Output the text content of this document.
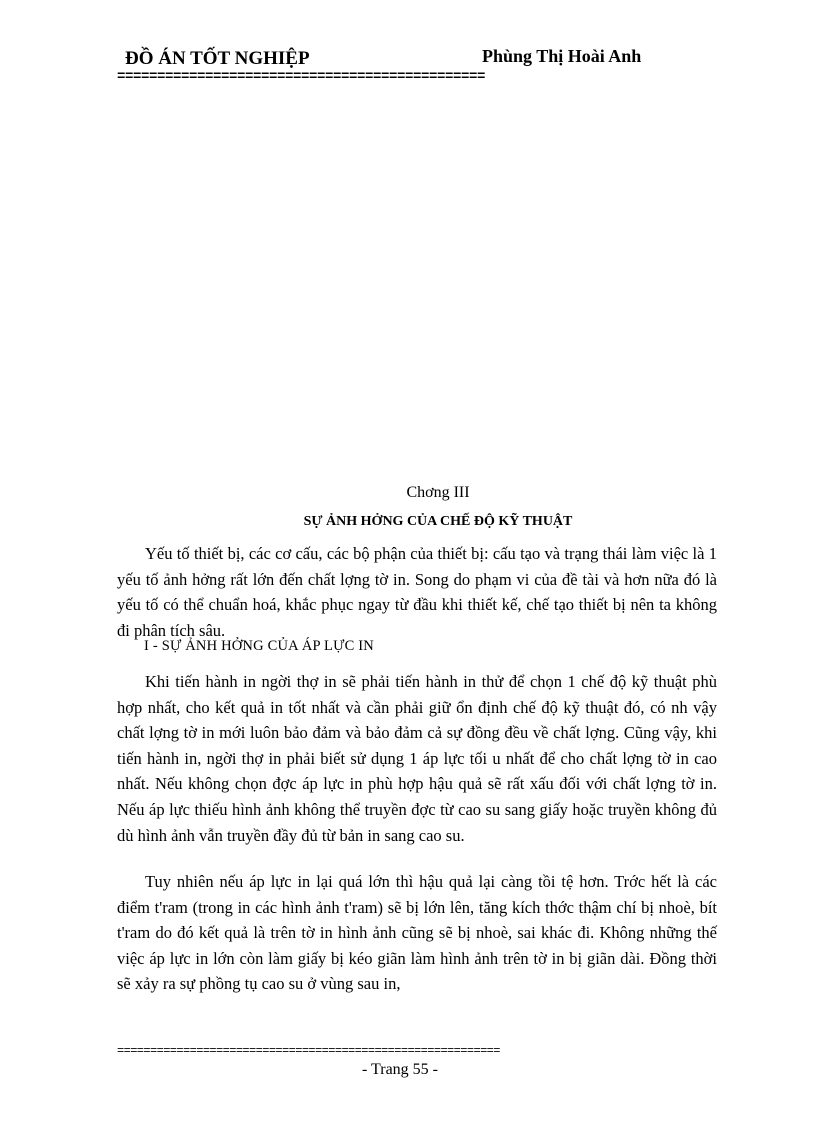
ĐỒ ÁN TỐT NGHIỆP	Phùng Thị Hoài Anh
==============================================
Chơng III
SỰ ẢNH HỞNG CỦA CHẾ ĐỘ KỸ THUẬT

Yếu tố thiết bị, các cơ cấu, các bộ phận của thiết bị: cấu tạo và trạng thái làm việc là 1 yếu tố ảnh hởng rất lớn đến chất lợng tờ in. Song do phạm vi của đề tài và hơn nữa đó là yếu tố có thể chuẩn hoá, khắc phục ngay từ đầu khi thiết kế, chế tạo thiết bị nên ta không đi phân tích sâu.

I - SỰ ẢNH HỞNG CỦA ÁP LỰC IN

Khi tiến hành in ngời thợ in sẽ phải tiến hành in thử để chọn 1 chế độ kỹ thuật phù hợp nhất, cho kết quả in tốt nhất và cần phải giữ ổn định chế độ kỹ thuật đó, có nh vậy chất lợng tờ in mới luôn bảo đảm và bảo đảm cả sự đồng đều về chất lợng. Cũng vậy, khi tiến hành in, ngời thợ in phải biết sử dụng 1 áp lực tối u nhất để cho chất lợng tờ in cao nhất. Nếu không chọn đợc áp lực in phù hợp hậu quả sẽ rất xấu đối với chất lợng tờ in. Nếu áp lực thiếu hình ảnh không thể truyền đợc từ cao su sang giấy hoặc truyền không đủ dù hình ảnh vẫn truyền đầy đủ từ bản in sang cao su.

Tuy nhiên nếu áp lực in lại quá lớn thì hậu quả lại càng tồi tệ hơn. Trớc hết là các điểm t'ram (trong in các hình ảnh t'ram) sẽ bị lớn lên, tăng kích thớc thậm chí bị nhoè, bít t'ram do đó kết quả là trên tờ in hình ảnh cũng sẽ bị nhoè, sai khác đi. Không những thế việc áp lực in lớn còn làm giấy bị kéo giãn làm hình ảnh trên tờ in bị giãn dài. Đồng thời sẽ xảy ra sự phồng tụ cao su ở vùng sau in,

==========================================================
- Trang 55 -
